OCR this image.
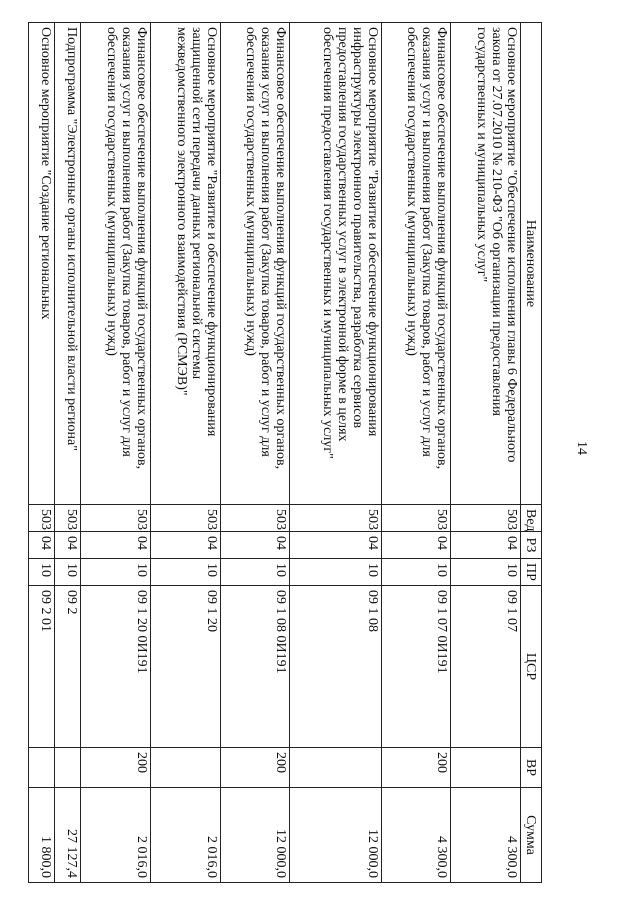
14
Наименование	Вед	РЗ	ПР	ЦСР	ВР	Сумма
Основное мероприятие "Обеспечение исполнения главы 6 Федерального закона от 27.07.2010 № 210-ФЗ "Об организации предоставления государственных и муниципальных услуг"	503	04	10	09 1 07		4 300,0
Финансовое обеспечение выполнения функций государственных органов, оказания услуг и выполнения работ (Закупка товаров, работ и услуг для обеспечения государственных (муниципальных) нужд)	503	04	10	09 1 07 0И191	200	4 300,0
Основное мероприятие "Развитие и обеспечение функционирования инфраструктуры электронного правительства, разработка сервисов предоставления государственных услуг в электронной форме в целях обеспечения предоставления государственных и муниципальных услуг"	503	04	10	09 1 08		12 000,0
Финансовое обеспечение выполнения функций государственных органов, оказания услуг и выполнения работ (Закупка товаров, работ и услуг для обеспечения государственных (муниципальных) нужд)	503	04	10	09 1 08 0И191	200	12 000,0
Основное мероприятие "Развитие и обеспечение функционирования защищенной сети передачи данных региональной системы межведомственного электронного взаимодействия (РСМЭВ)"	503	04	10	09 1 20		2 016,0
Финансовое обеспечение выполнения функций государственных органов, оказания услуг и выполнения работ (Закупка товаров, работ и услуг для обеспечения государственных (муниципальных) нужд)	503	04	10	09 1 20 0И191	200	2 016,0
Подпрограмма "Электронные органы исполнительной власти региона"	503	04	10	09 2		27 127,4
Основное мероприятие "Создание региональных	503	04	10	09 2 01		1 800,0
